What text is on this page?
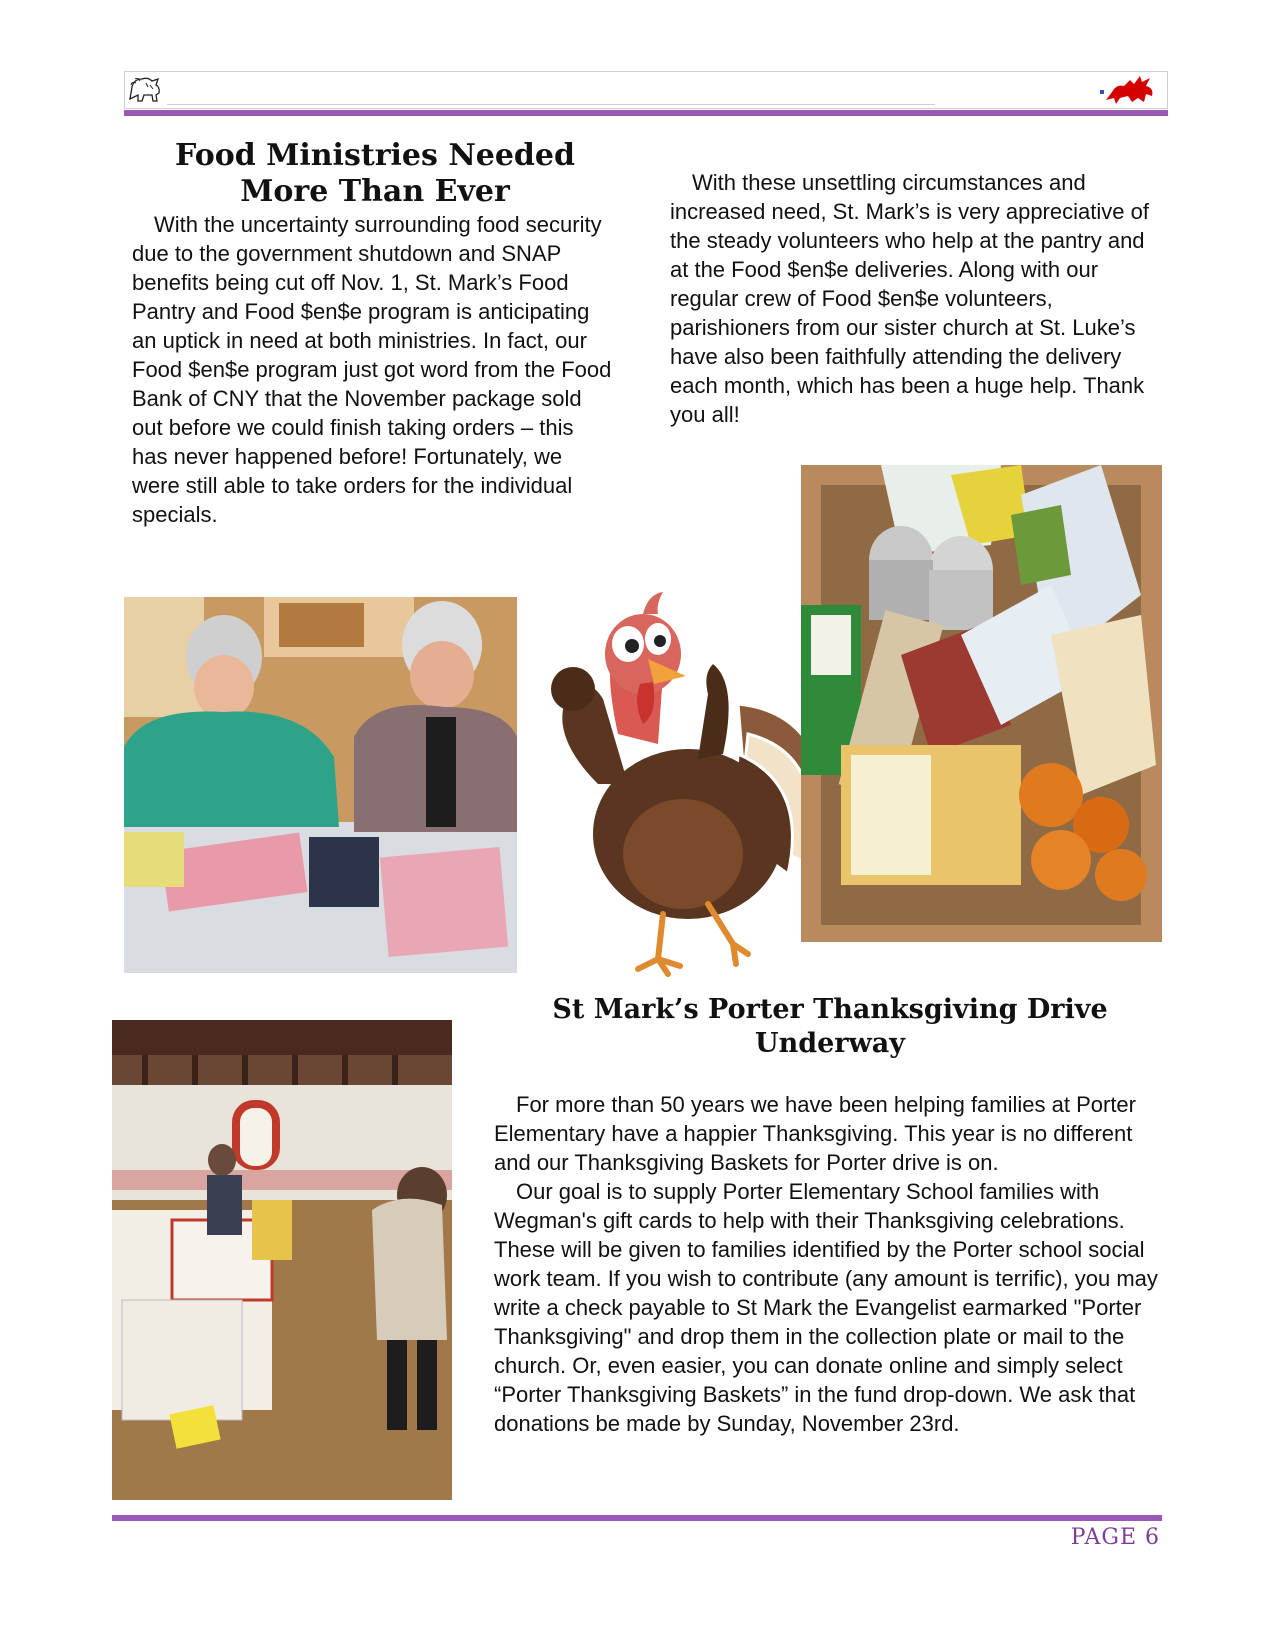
Food Ministries Needed More Than Ever

With the uncertainty surrounding food security due to the government shutdown and SNAP benefits being cut off Nov. 1, St. Mark’s Food Pantry and Food $en$e program is anticipating an uptick in need at both ministries. In fact, our Food $en$e program just got word from the Food Bank of CNY that the November package sold out before we could finish taking orders – this has never happened before! Fortunately, we were still able to take orders for the individual specials.

With these unsettling circumstances and increased need, St. Mark’s is very appreciative of the steady volunteers who help at the pantry and at the Food $en$e deliveries. Along with our regular crew of Food $en$e volunteers, parishioners from our sister church at St. Luke’s have also been faithfully attending the delivery each month, which has been a huge help. Thank you all!

St Mark’s Porter Thanksgiving Drive Underway

For more than 50 years we have been helping families at Porter Elementary have a happier Thanksgiving. This year is no different and our Thanksgiving Baskets for Porter drive is on.

Our goal is to supply Porter Elementary School families with Wegman's gift cards to help with their Thanksgiving celebrations. These will be given to families identified by the Porter school social work team. If you wish to contribute (any amount is terrific), you may write a check payable to St Mark the Evangelist earmarked "Porter Thanksgiving" and drop them in the collection plate or mail to the church. Or, even easier, you can donate online and simply select “Porter Thanksgiving Baskets” in the fund drop-down. We ask that donations be made by Sunday, November 23rd.

PAGE 6
